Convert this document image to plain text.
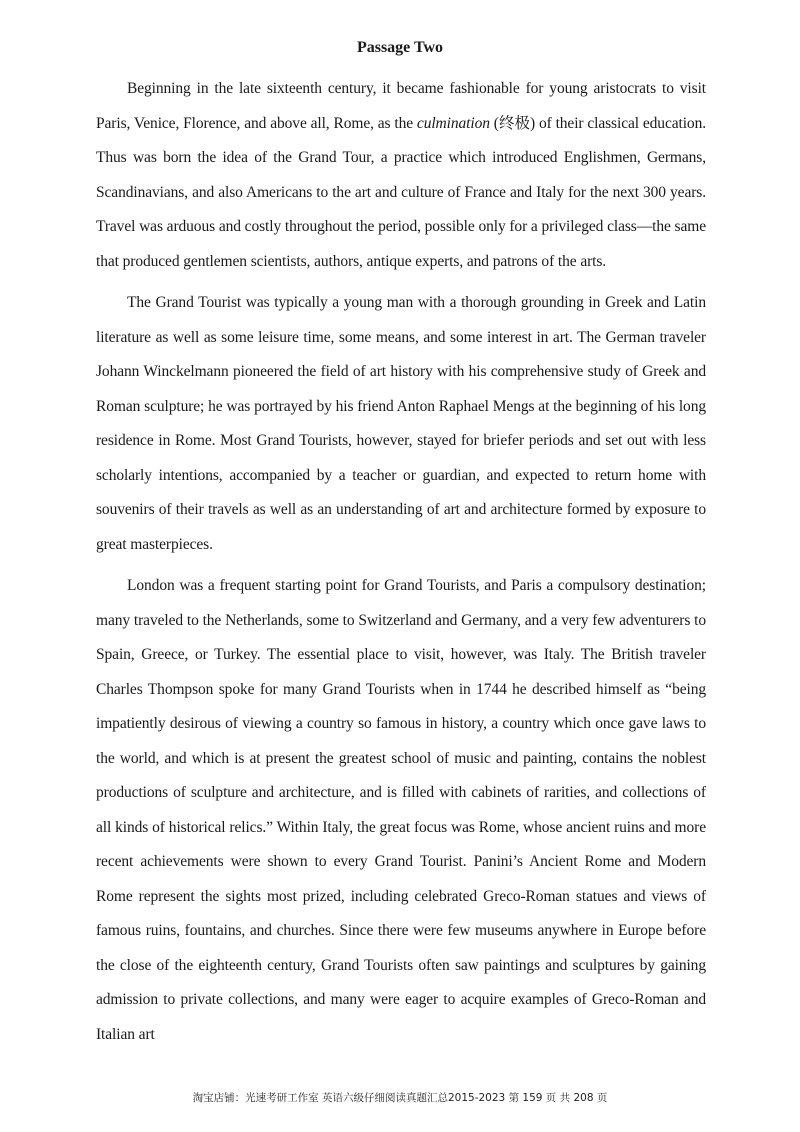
Passage Two

Beginning in the late sixteenth century, it became fashionable for young aristocrats to visit Paris, Venice, Florence, and above all, Rome, as the culmination (终极) of their classical education. Thus was born the idea of the Grand Tour, a practice which introduced Englishmen, Germans, Scandinavians, and also Americans to the art and culture of France and Italy for the next 300 years. Travel was arduous and costly throughout the period, possible only for a privileged class—the same that produced gentlemen scientists, authors, antique experts, and patrons of the arts.

The Grand Tourist was typically a young man with a thorough grounding in Greek and Latin literature as well as some leisure time, some means, and some interest in art. The German traveler Johann Winckelmann pioneered the field of art history with his comprehensive study of Greek and Roman sculpture; he was portrayed by his friend Anton Raphael Mengs at the beginning of his long residence in Rome. Most Grand Tourists, however, stayed for briefer periods and set out with less scholarly intentions, accompanied by a teacher or guardian, and expected to return home with souvenirs of their travels as well as an understanding of art and architecture formed by exposure to great masterpieces.

London was a frequent starting point for Grand Tourists, and Paris a compulsory destination; many traveled to the Netherlands, some to Switzerland and Germany, and a very few adventurers to Spain, Greece, or Turkey. The essential place to visit, however, was Italy. The British traveler Charles Thompson spoke for many Grand Tourists when in 1744 he described himself as “being impatiently desirous of viewing a country so famous in history, a country which once gave laws to the world, and which is at present the greatest school of music and painting, contains the noblest productions of sculpture and architecture, and is filled with cabinets of rarities, and collections of all kinds of historical relics.” Within Italy, the great focus was Rome, whose ancient ruins and more recent achievements were shown to every Grand Tourist. Panini’s Ancient Rome and Modern Rome represent the sights most prized, including celebrated Greco-Roman statues and views of famous ruins, fountains, and churches. Since there were few museums anywhere in Europe before the close of the eighteenth century, Grand Tourists often saw paintings and sculptures by gaining admission to private collections, and many were eager to acquire examples of Greco-Roman and Italian art

淘宝店铺：光速考研工作室 英语六级仔细阅读真题汇总2015-2023 第 159 页 共 208 页
